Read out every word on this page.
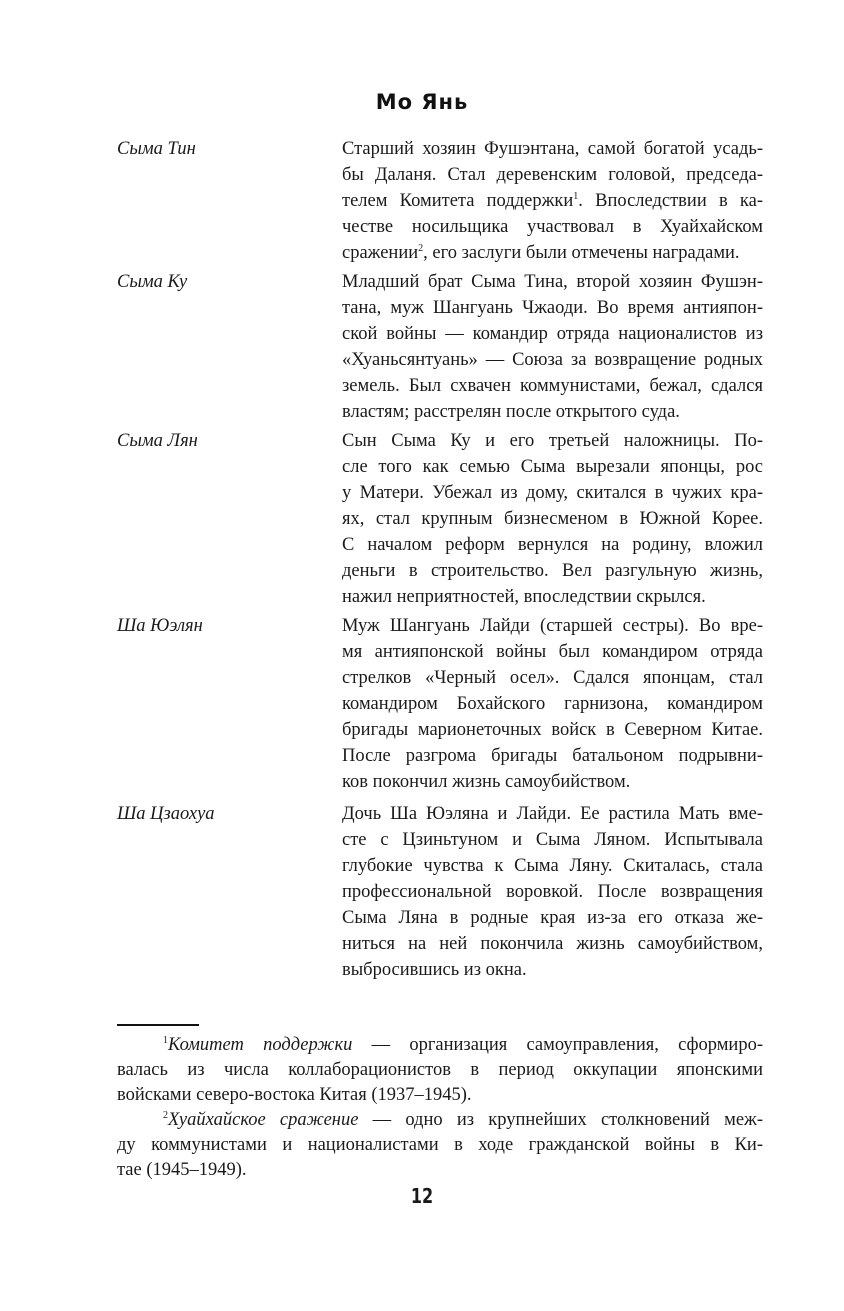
Мо Янь
Сыма Тин	Старший хозяин Фушэнтана, самой богатой усадь-
бы Даланя. Стал деревенским головой, председа-
телем Комитета поддержки$^1$. Впоследствии в ка-
честве носильщика участвовал в Хуайхайском
сражении$^2$, его заслуги были отмечены наградами.
Сыма Ку	Младший брат Сыма Тина, второй хозяин Фушэн-
тана, муж Шангуань Чжаоди. Во время антияпон-
ской войны — командир отряда националистов из
«Хуаньсянтуань» — Союза за возвращение родных
земель. Был схвачен коммунистами, бежал, сдался
властям; расстрелян после открытого суда.
Сыма Лян	Сын Сыма Ку и его третьей наложницы. По-
сле того как семью Сыма вырезали японцы, рос
у Матери. Убежал из дому, скитался в чужих кра-
ях, стал крупным бизнесменом в Южной Корее.
С началом реформ вернулся на родину, вложил
деньги в строительство. Вел разгульную жизнь,
нажил неприятностей, впоследствии скрылся.
Ша Юэлян	Муж Шангуань Лайди (старшей сестры). Во вре-
мя антияпонской войны был командиром отряда
стрелков «Черный осел». Сдался японцам, стал
командиром Бохайского гарнизона, командиром
бригады марионеточных войск в Северном Китае.
После разгрома бригады батальоном подрывни-
ков покончил жизнь самоубийством.
Ша Цзаохуа	Дочь Ша Юэляна и Лайди. Ее растила Мать вме-
сте с Цзиньтуном и Сыма Ляном. Испытывала
глубокие чувства к Сыма Ляну. Скиталась, стала
профессиональной воровкой. После возвращения
Сыма Ляна в родные края из-за его отказа же-
ниться на ней покончила жизнь самоубийством,
выбросившись из окна.
$^1$Комитет поддержки — организация самоуправления, сформиро-
валась из числа коллаборационистов в период оккупации японскими
войсками северо-востока Китая (1937–1945).
$^2$Хуайхайское сражение — одно из крупнейших столкновений меж-
ду коммунистами и националистами в ходе гражданской войны в Ки-
тае (1945–1949).
12
